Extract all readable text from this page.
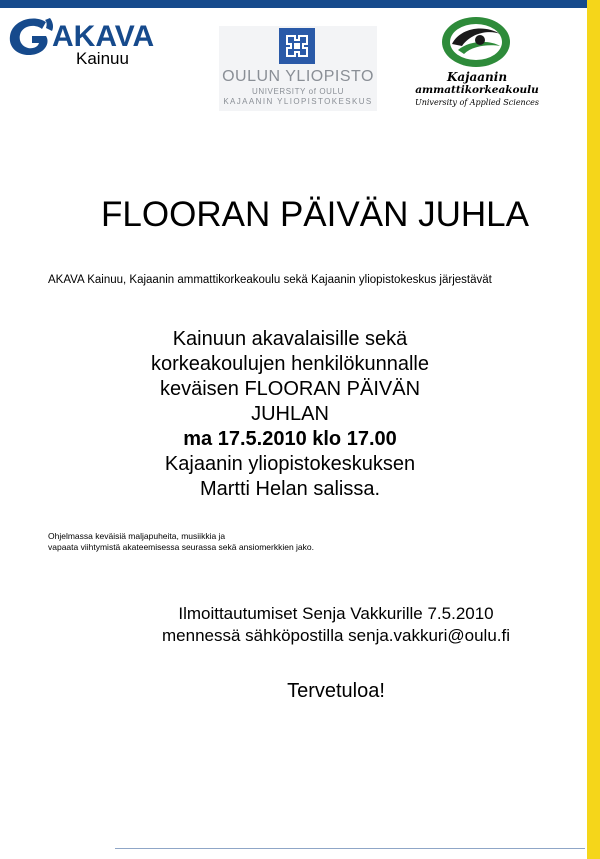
AKAVA
Kainuu
OULUN YLIOPISTO
UNIVERSITY of OULU
KAJAANIN YLIOPISTOKESKUS
Kajaanin
ammattikorkeakoulu
University of Applied Sciences
FLOORAN PÄIVÄN JUHLA
AKAVA Kainuu, Kajaanin ammattikorkeakoulu sekä Kajaanin yliopistokeskus järjestävät
Kainuun akavalaisille sekä
korkeakoulujen henkilökunnalle
keväisen FLOORAN PÄIVÄN JUHLAN
ma 17.5.2010 klo 17.00
Kajaanin yliopistokeskuksen
Martti Helan salissa.
Ohjelmassa keväisiä maljapuheita, musiikkia ja
vapaata viihtymistä akateemisessa seurassa sekä ansiomerkkien jako.
Ilmoittautumiset Senja Vakkurille 7.5.2010
mennessä sähköpostilla senja.vakkuri@oulu.fi
Tervetuloa!
